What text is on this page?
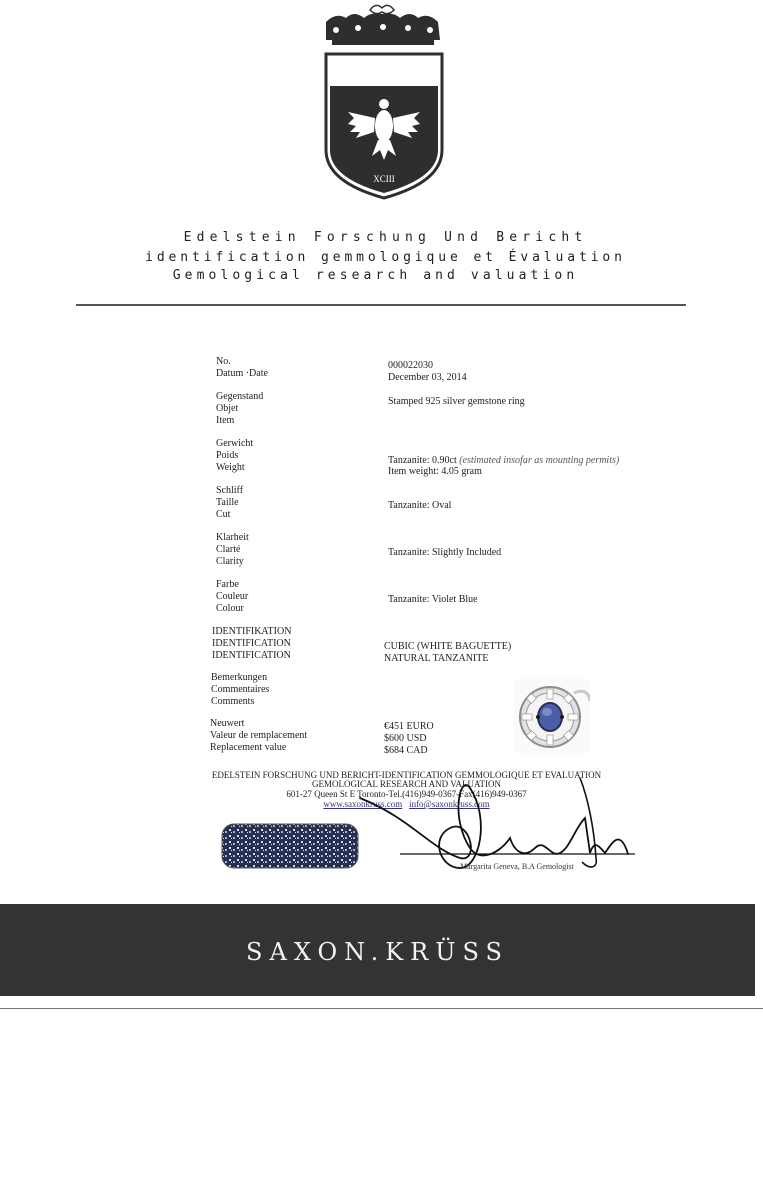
XCIII
Edelstein Forschung Und Bericht
identification gemmologique et Évaluation
Gemological research and valuation
No.
Datum ·Date
000022030
December 03, 2014
Gegenstand
Objet
Item
Stamped 925 silver gemstone ring
Gerwicht
Poids
Weight
Tanzanite: 0.90ct (estimated insofar as mounting permits)
Item weight: 4.05 gram
Schliff
Taille
Cut
Tanzanite: Oval
Klarheit
Clarté
Clarity
Tanzanite: Slightly Included
Farbe
Couleur
Colour
Tanzanite: Violet Blue
IDENTIFIKATION
IDENTIFICATION
IDENTIFICATION
CUBIC (WHITE BAGUETTE)
NATURAL TANZANITE
Bemerkungen
Commentaires
Comments
Neuwert
Valeur de remplacement
Replacement value
€451 EURO
$600 USD
$684 CAD
EDELSTEIN FORSCHUNG UND BERICHT-IDENTIFICATION GEMMOLOGIQUE ET EVALUATION
GEMOLOGICAL RESEARCH AND VALUATION
601-27 Queen St E Toronto-Tel.(416)949-0367-Fax(416)949-0367
www.saxonkruss.com info@saxonkruss.com
Margarita Geneva, B.A Gemologist
SAXON.KRÜSS
